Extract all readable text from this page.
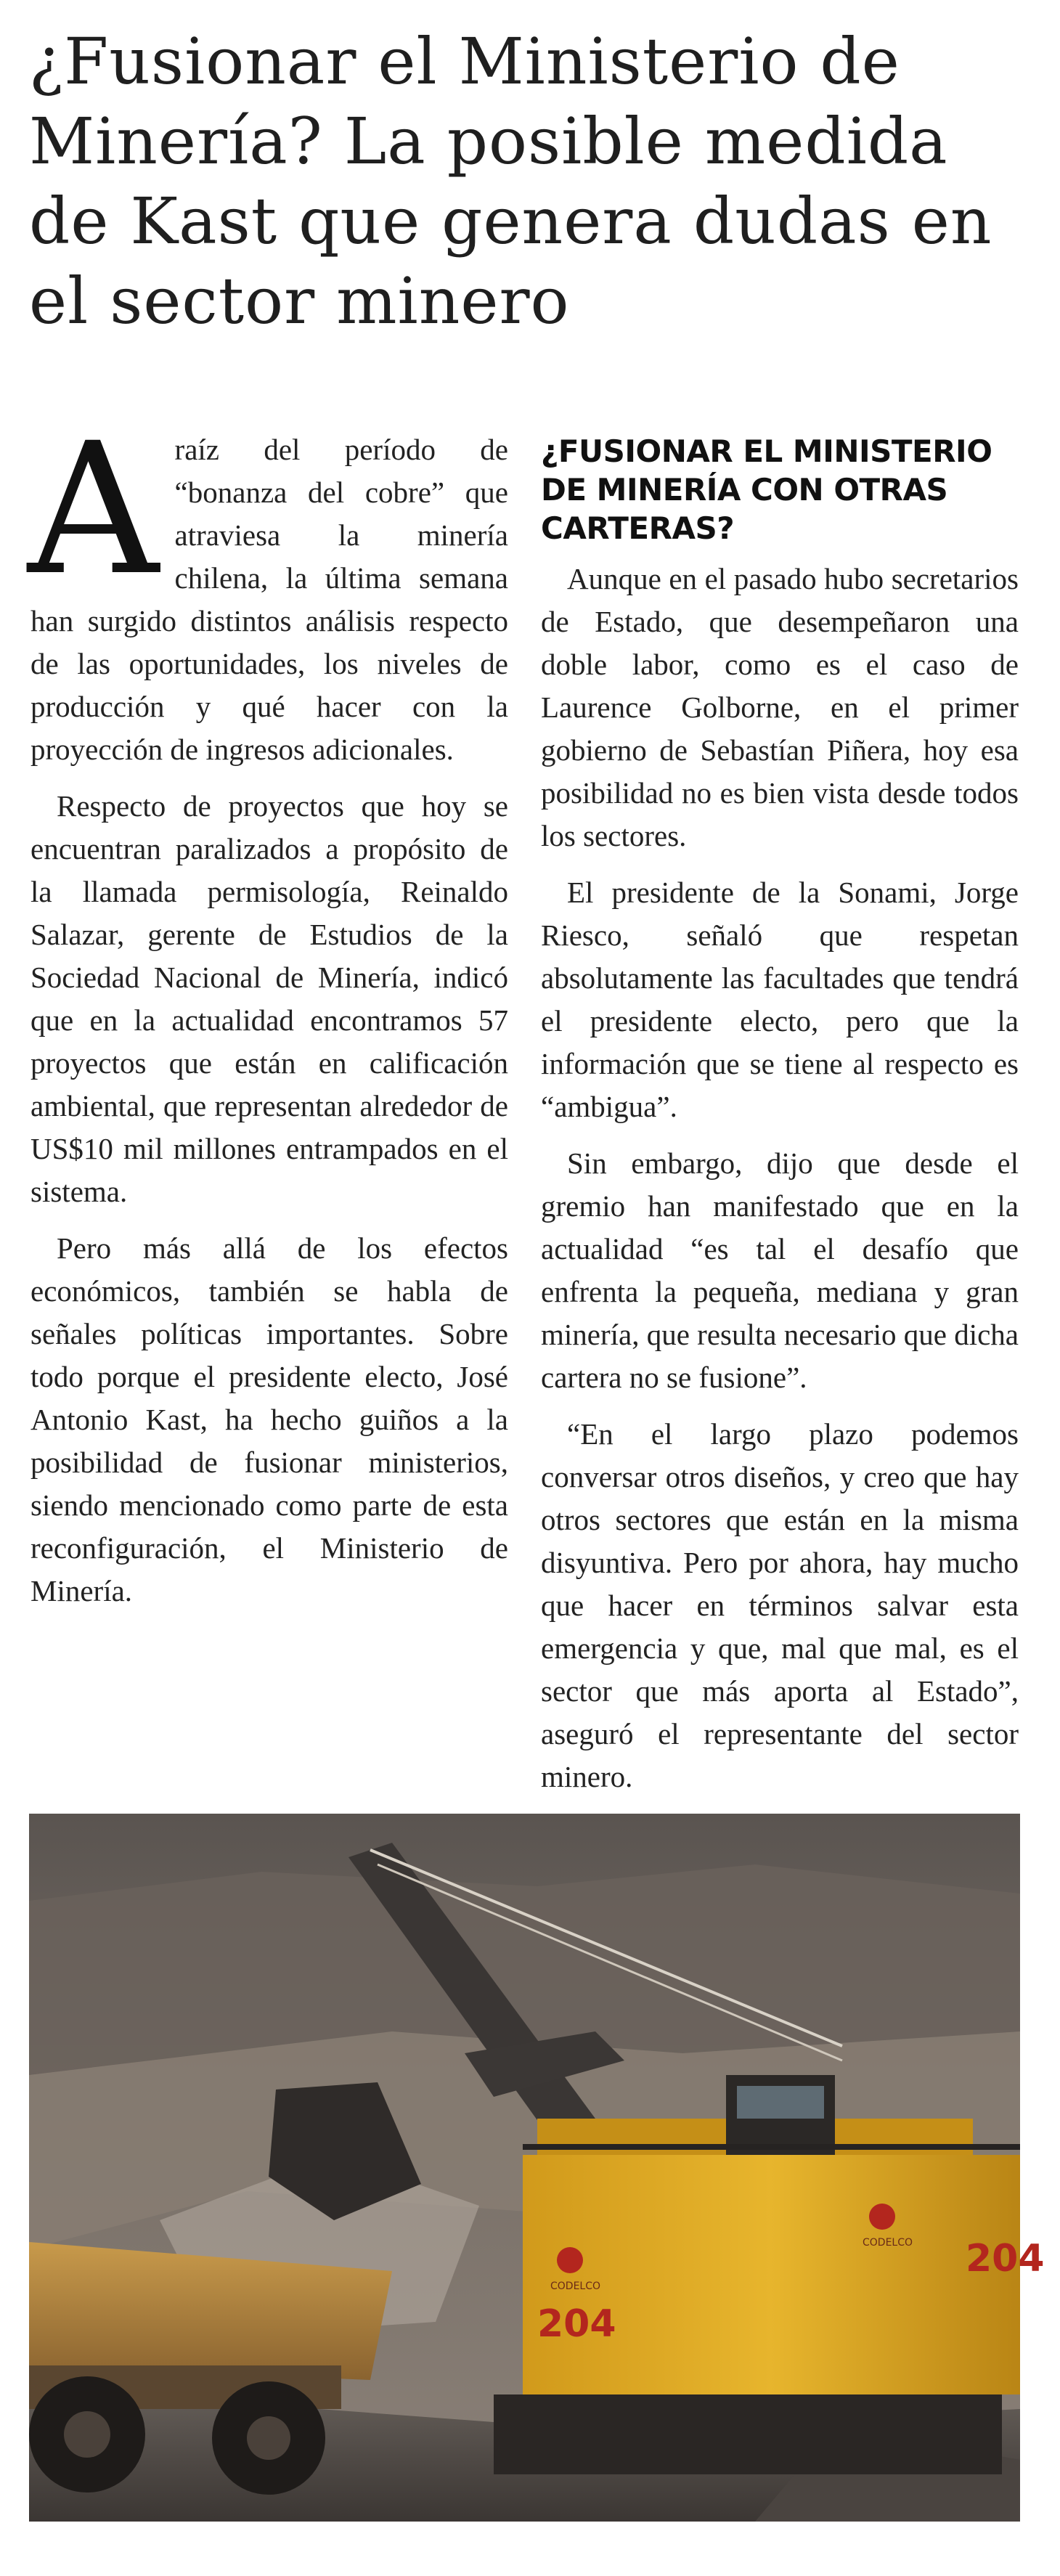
¿Fusionar el Ministerio de Minería? La posible medida de Kast que genera dudas en el sector minero

A raíz del período de “bonanza del cobre” que atraviesa la minería chilena, la última semana han surgido distintos análisis respecto de las oportunidades, los niveles de producción y qué hacer con la proyección de ingresos adicionales.

Respecto de proyectos que hoy se encuentran paralizados a propósito de la llamada permisología, Reinaldo Salazar, gerente de Estudios de la Sociedad Nacional de Minería, indicó que en la actualidad encontramos 57 proyectos que están en calificación ambiental, que representan alrededor de US$10 mil millones entrampados en el sistema.

Pero más allá de los efectos económicos, también se habla de señales políticas importantes. Sobre todo porque el presidente electo, José Antonio Kast, ha hecho guiños a la posibilidad de fusionar ministerios, siendo mencionado como parte de esta reconfiguración, el Ministerio de Minería.

¿FUSIONAR EL MINISTERIO DE MINERÍA CON OTRAS CARTERAS?

Aunque en el pasado hubo secretarios de Estado, que desempeñaron una doble labor, como es el caso de Laurence Golborne, en el primer gobierno de Sebastían Piñera, hoy esa posibilidad no es bien vista desde todos los sectores.

El presidente de la Sonami, Jorge Riesco, señaló que respetan absolutamente las facultades que tendrá el presidente electo, pero que la información que se tiene al respecto es “ambigua”.

Sin embargo, dijo que desde el gremio han manifestado que en la actualidad “es tal el desafío que enfrenta la pequeña, mediana y gran minería, que resulta necesario que dicha cartera no se fusione”.

“En el largo plazo podemos conversar otros diseños, y creo que hay otros sectores que están en la misma disyuntiva. Pero por ahora, hay mucho que hacer en términos salvar esta emergencia y que, mal que mal, es el sector que más aporta al Estado”, aseguró el representante del sector minero.

204
204
CODELCO
CODELCO
